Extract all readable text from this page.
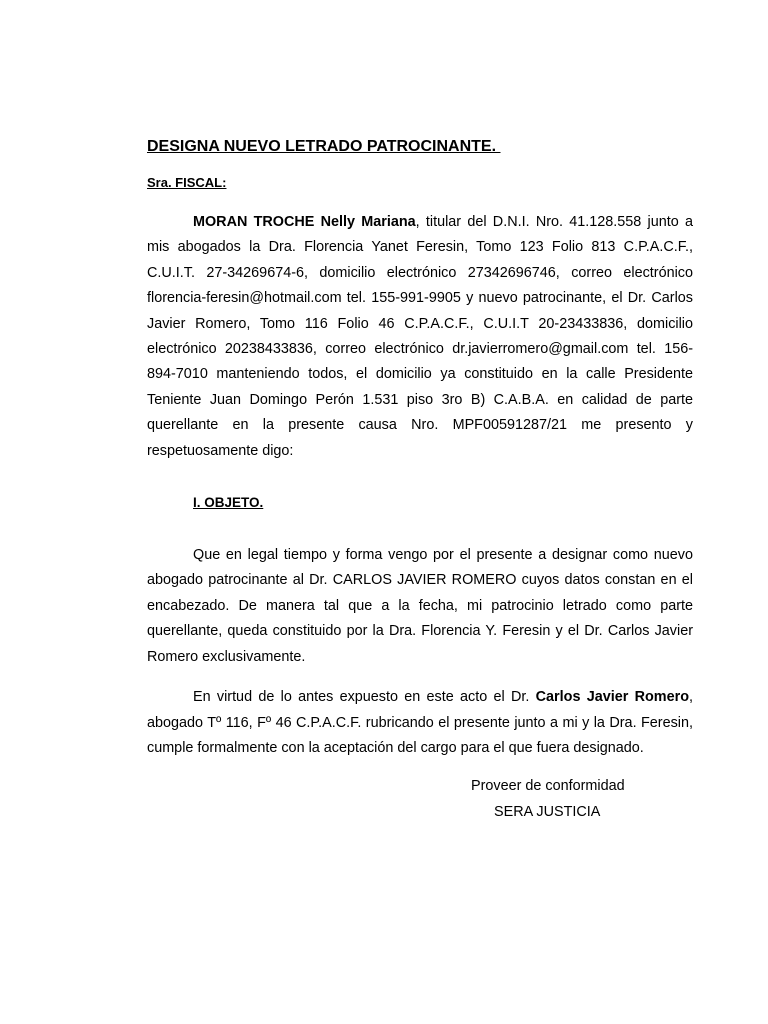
DESIGNA NUEVO LETRADO PATROCINANTE.
Sra. FISCAL:

MORAN TROCHE Nelly Mariana, titular del D.N.I. Nro. 41.128.558 junto a mis abogados la Dra. Florencia Yanet Feresin, Tomo 123 Folio 813 C.P.A.C.F., C.U.I.T. 27-34269674-6, domicilio electrónico 27342696746, correo electrónico florencia-feresin@hotmail.com tel. 155-991-9905 y nuevo patrocinante, el Dr. Carlos Javier Romero, Tomo 116 Folio 46 C.P.A.C.F., C.U.I.T 20-23433836, domicilio electrónico 20238433836, correo electrónico dr.javierromero@gmail.com tel. 156-894-7010 manteniendo todos, el domicilio ya constituido en la calle Presidente Teniente Juan Domingo Perón 1.531 piso 3ro B) C.A.B.A. en calidad de parte querellante en la presente causa Nro. MPF00591287/21 me presento y respetuosamente digo:

I. OBJETO.

Que en legal tiempo y forma vengo por el presente a designar como nuevo abogado patrocinante al Dr. CARLOS JAVIER ROMERO cuyos datos constan en el encabezado. De manera tal que a la fecha, mi patrocinio letrado como parte querellante, queda constituido por la Dra. Florencia Y. Feresin y el Dr. Carlos Javier Romero exclusivamente.

En virtud de lo antes expuesto en este acto el Dr. Carlos Javier Romero, abogado Tº 116, Fº 46 C.P.A.C.F. rubricando el presente junto a mi y la Dra. Feresin, cumple formalmente con la aceptación del cargo para el que fuera designado.

Proveer de conformidad
SERA JUSTICIA
